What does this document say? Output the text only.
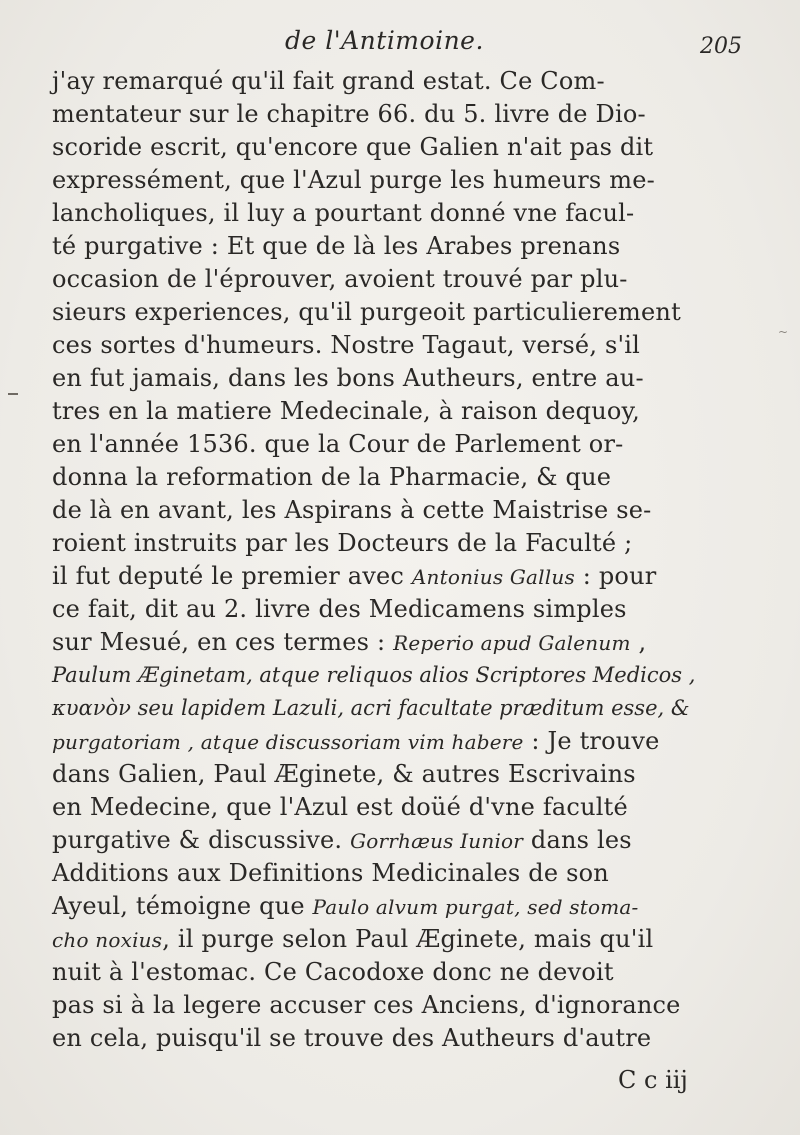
de l'Antimoine.	205
~
j'ay remarqué qu'il fait grand estat. Ce Com-
mentateur sur le chapitre 66. du 5. livre de Dio-
scoride escrit, qu'encore que Galien n'ait pas dit
expressément, que l'Azul purge les humeurs me-
lancholiques, il luy a pourtant donné vne facul-
té purgative : Et que de là les Arabes prenans
occasion de l'éprouver, avoient trouvé par plu-
sieurs experiences, qu'il purgeoit particulierement
ces sortes d'humeurs. Nostre Tagaut, versé, s'il
en fut jamais, dans les bons Autheurs, entre au-
tres en la matiere Medecinale, à raison dequoy,
en l'année 1536. que la Cour de Parlement or-
donna la reformation de la Pharmacie, & que
de là en avant, les Aspirans à cette Maistrise se-
roient instruits par les Docteurs de la Faculté ;
il fut deputé le premier avec Antonius Gallus : pour
ce fait, dit au 2. livre des Medicamens simples
sur Mesué, en ces termes : Reperio apud Galenum ,
Paulum Æginetam, atque reliquos alios Scriptores Medicos ,
κυανὸν seu lapidem Lazuli, acri facultate præditum esse, &
purgatoriam , atque discussoriam vim habere : Je trouve
dans Galien, Paul Æginete, & autres Escrivains
en Medecine, que l'Azul est doüé d'vne faculté
purgative & discussive. Gorrhæus Iunior dans les
Additions aux Definitions Medicinales de son
Ayeul, témoigne que Paulo alvum purgat, sed stoma-
cho noxius, il purge selon Paul Æginete, mais qu'il
nuit à l'estomac. Ce Cacodoxe donc ne devoit
pas si à la legere accuser ces Anciens, d'ignorance
en cela, puisqu'il se trouve des Autheurs d'autre
C c iij
